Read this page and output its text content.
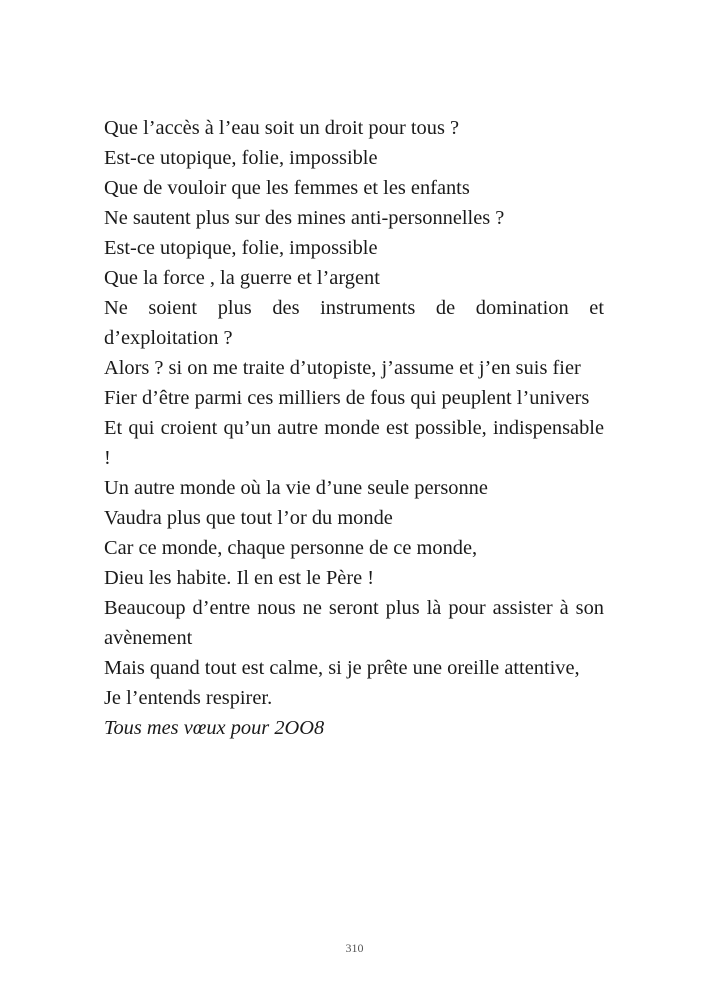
Que l’accès à l’eau soit un droit pour tous ?

Est-ce utopique, folie, impossible

Que de vouloir que les femmes et les enfants

Ne sautent plus sur des mines anti-personnelles ?

Est-ce utopique, folie, impossible

Que la force , la guerre et l’argent

Ne soient plus des instruments de domination et d’exploitation ?

Alors ? si on me traite d’utopiste, j’assume et j’en suis fier

Fier d’être parmi ces milliers de fous qui peuplent l’univers

Et qui croient qu’un autre monde est possible, indispensable !

Un autre monde où la vie d’une seule personne

Vaudra plus que tout l’or du monde

Car ce monde, chaque personne de ce monde,

Dieu les habite. Il en est le Père !

Beaucoup d’entre nous ne seront plus là pour assister à son avènement

Mais quand tout est calme, si je prête une oreille attentive,

Je l’entends respirer.

Tous mes vœux pour 2OO8

310
